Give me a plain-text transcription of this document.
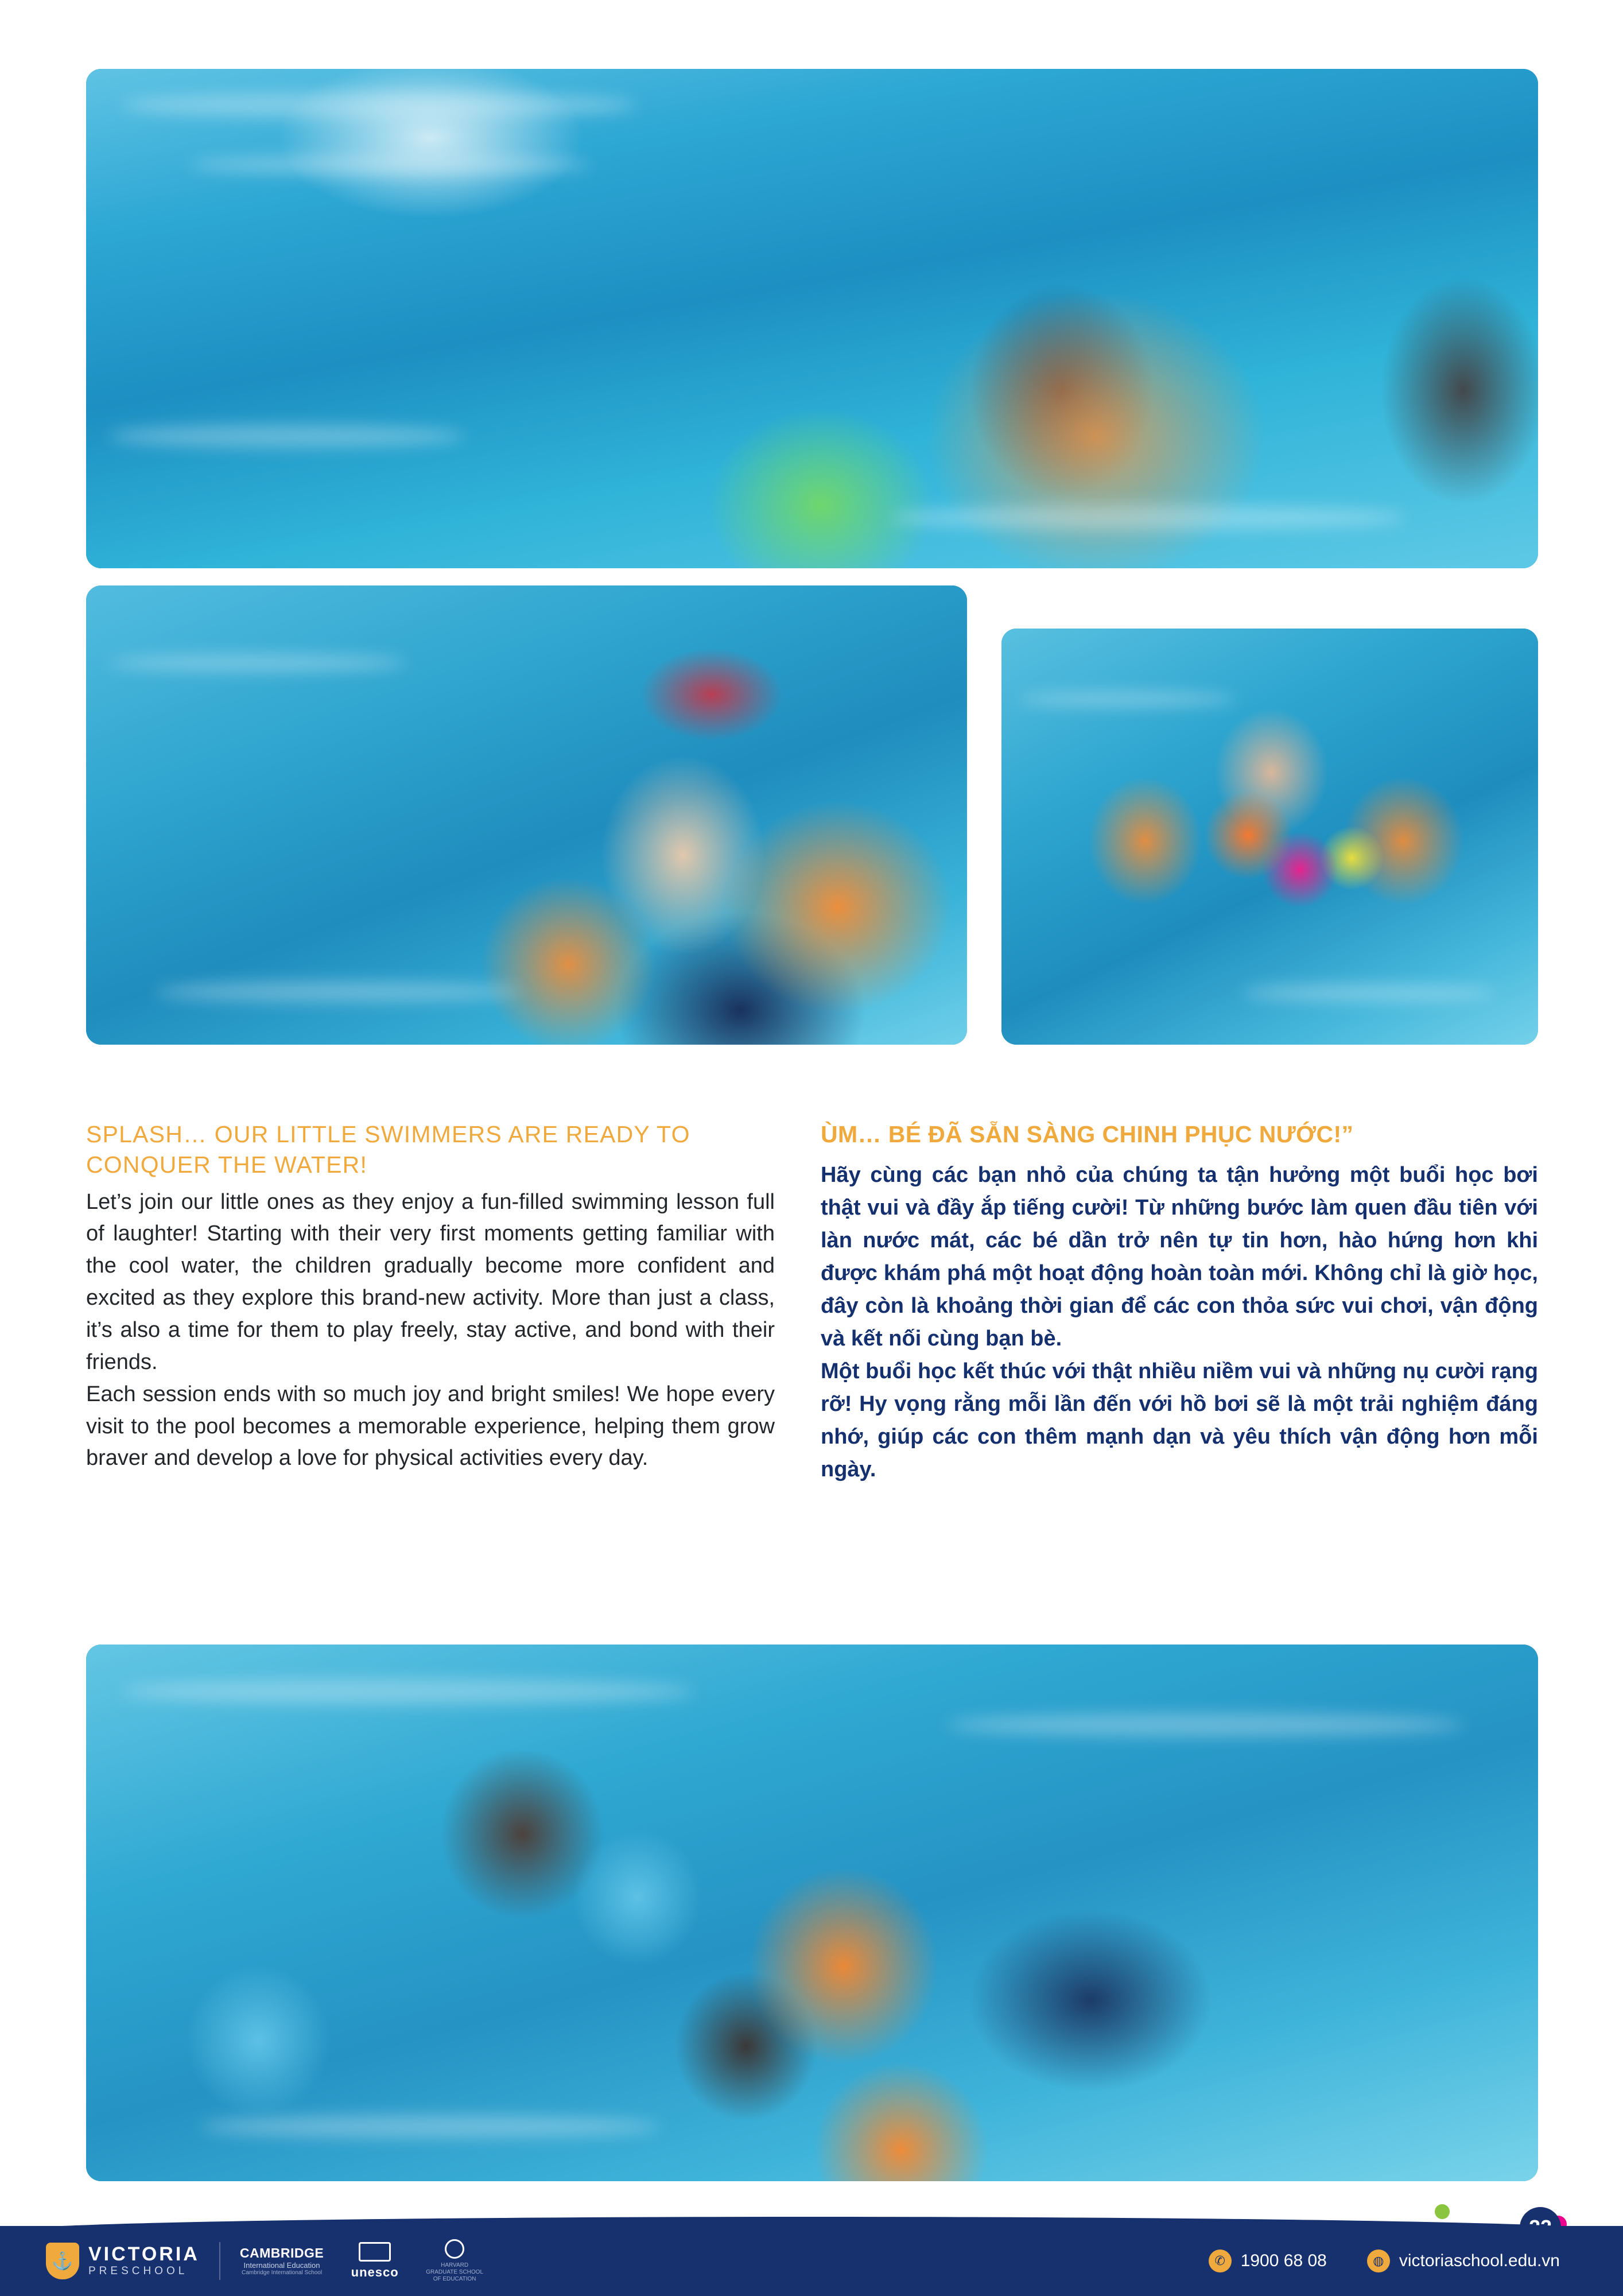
SPLASH… OUR LITTLE SWIMMERS ARE READY TO CONQUER THE WATER!

Let’s join our little ones as they enjoy a fun-filled swimming lesson full of laughter! Starting with their very first moments getting familiar with the cool water, the children gradually become more confident and excited as they explore this brand-new activity. More than just a class, it’s also a time for them to play freely, stay active, and bond with their friends.

Each session ends with so much joy and bright smiles! We hope every visit to the pool becomes a memorable experience, helping them grow braver and develop a love for physical activities every day.

ÙM… BÉ ĐÃ SẴN SÀNG CHINH PHỤC NƯỚC!”

Hãy cùng các bạn nhỏ của chúng ta tận hưởng một buổi học bơi thật vui và đầy ắp tiếng cười! Từ những bước làm quen đầu tiên với làn nước mát, các bé dần trở nên tự tin hơn, hào hứng hơn khi được khám phá một hoạt động hoàn toàn mới. Không chỉ là giờ học, đây còn là khoảng thời gian để các con thỏa sức vui chơi, vận động và kết nối cùng bạn bè.

Một buổi học kết thúc với thật nhiều niềm vui và những nụ cười rạng rỡ! Hy vọng rằng mỗi lần đến với hồ bơi sẽ là một trải nghiệm đáng nhớ, giúp các con thêm mạnh dạn và yêu thích vận động hơn mỗi ngày.

⚓ VICTORIA
PRESCHOOL
CAMBRIDGE
International Education
Cambridge International School unesco	HARVARD
GRADUATE SCHOOL
OF EDUCATION
✆ 1900 68 08	◍ victoriaschool.edu.vn
